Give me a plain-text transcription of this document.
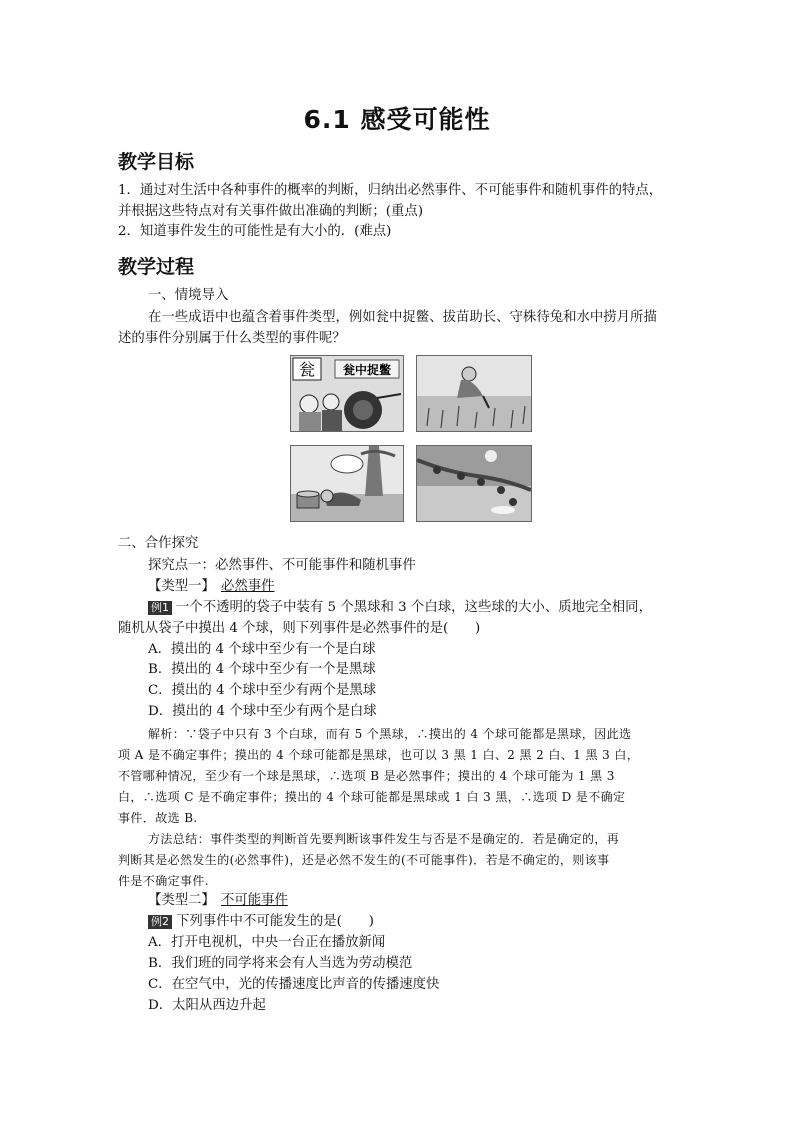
6.1 感受可能性
教学目标
1．通过对生活中各种事件的概率的判断，归纳出必然事件、不可能事件和随机事件的特点，
并根据这些特点对有关事件做出准确的判断；(重点)
2．知道事件发生的可能性是有大小的．(难点)
教学过程
一、情境导入
在一些成语中也蕴含着事件类型，例如瓮中捉鳖、拔苗助长、守株待兔和水中捞月所描
述的事件分别属于什么类型的事件呢？
瓮 瓮中捉鳖
二、合作探究
探究点一：必然事件、不可能事件和随机事件
【类型一】 必然事件
例1 一个不透明的袋子中装有 5 个黑球和 3 个白球，这些球的大小、质地完全相同，
随机从袋子中摸出 4 个球，则下列事件是必然事件的是(　　)
A．摸出的 4 个球中至少有一个是白球
B．摸出的 4 个球中至少有一个是黑球
C．摸出的 4 个球中至少有两个是黑球
D．摸出的 4 个球中至少有两个是白球
解析：∵袋子中只有 3 个白球，而有 5 个黑球，∴摸出的 4 个球可能都是黑球，因此选
项 A 是不确定事件；摸出的 4 个球可能都是黑球，也可以 3 黑 1 白、2 黑 2 白、1 黑 3 白，
不管哪种情况，至少有一个球是黑球，∴选项 B 是必然事件；摸出的 4 个球可能为 1 黑 3
白，∴选项 C 是不确定事件；摸出的 4 个球可能都是黑球或 1 白 3 黑，∴选项 D 是不确定
事件．故选 B.
方法总结：事件类型的判断首先要判断该事件发生与否是不是确定的．若是确定的，再
判断其是必然发生的(必然事件)，还是必然不发生的(不可能事件)．若是不确定的，则该事
件是不确定事件.
【类型二】 不可能事件
例2 下列事件中不可能发生的是(　　)
A．打开电视机，中央一台正在播放新闻
B．我们班的同学将来会有人当选为劳动模范
C．在空气中，光的传播速度比声音的传播速度快
D．太阳从西边升起
